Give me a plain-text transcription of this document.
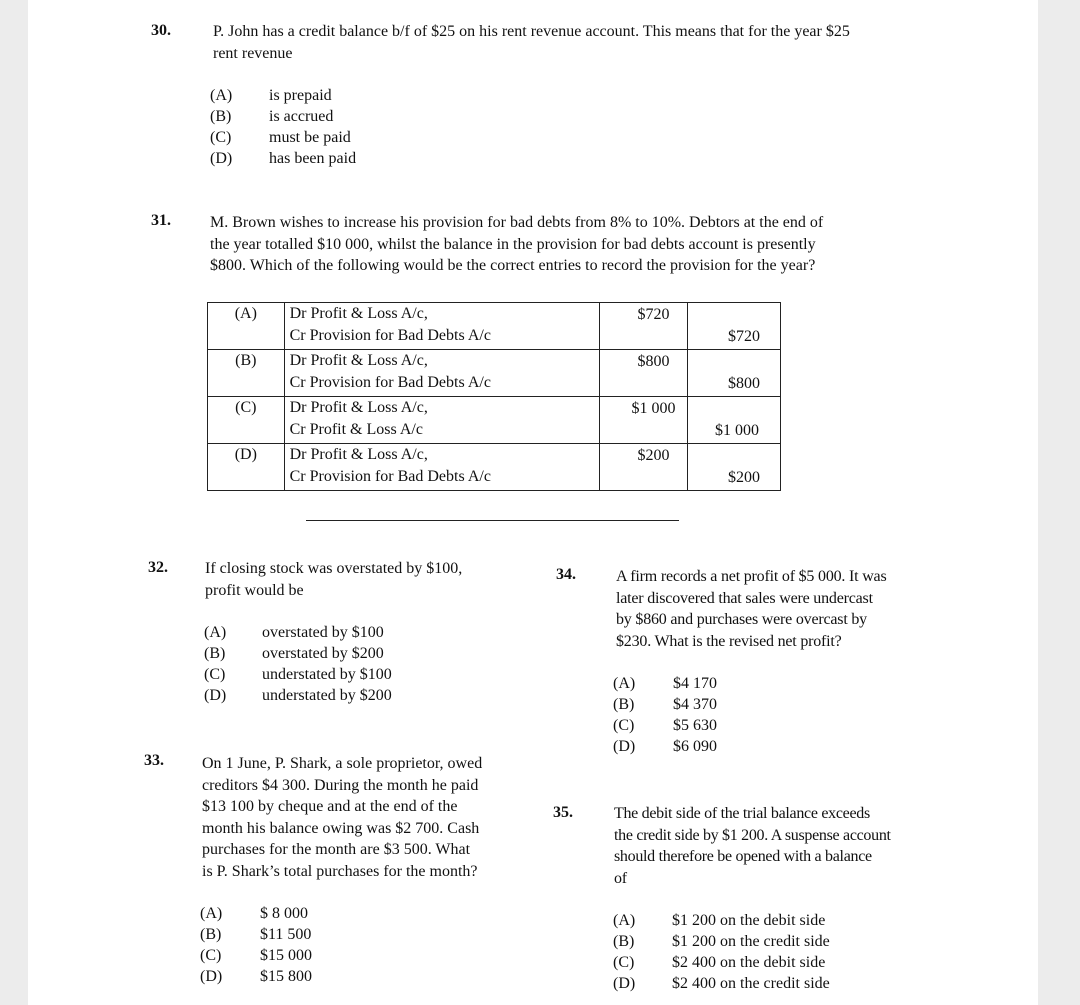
30.	P. John has a credit balance b/f of $25 on his rent revenue account. This means that for the year $25
rent revenue
(A) is prepaid
(B) is accrued
(C) must be paid
(D) has been paid
31. M. Brown wishes to increase his provision for bad debts from 8% to 10%. Debtors at the end of
the year totalled $10 000, whilst the balance in the provision for bad debts account is presently
$800. Which of the following would be the correct entries to record the provision for the year?
(A)	Dr Profit & Loss A/c,
Cr Provision for Bad Debts A/c	$720	$720

(B)	Dr Profit & Loss A/c,
Cr Provision for Bad Debts A/c	$800	$800

(C)	Dr Profit & Loss A/c,
Cr Profit & Loss A/c	$1 000	$1 000

(D)	Dr Profit & Loss A/c,
Cr Provision for Bad Debts A/c	$200	$200
32. If closing stock was overstated by $100,
profit would be
(A) overstated by $100
(B) overstated by $200
(C) understated by $100
(D) understated by $200
33. On 1 June, P. Shark, a sole proprietor, owed
creditors $4 300. During the month he paid
$13 100 by cheque and at the end of the
month his balance owing was $2 700. Cash
purchases for the month are $3 500. What
is P. Shark’s total purchases for the month?
(A) $ 8 000
(B) $11 500
(C) $15 000
(D) $15 800
34.	A firm records a net profit of $5 000. It was
later discovered that sales were undercast
by $860 and purchases were overcast by
$230. What is the revised net profit?
(A) $4 170
(B) $4 370
(C) $5 630
(D) $6 090
35.	The debit side of the trial balance exceeds
the credit side by $1 200. A suspense account
should therefore be opened with a balance
of
(A) $1 200 on the debit side
(B) $1 200 on the credit side
(C) $2 400 on the debit side
(D) $2 400 on the credit side
